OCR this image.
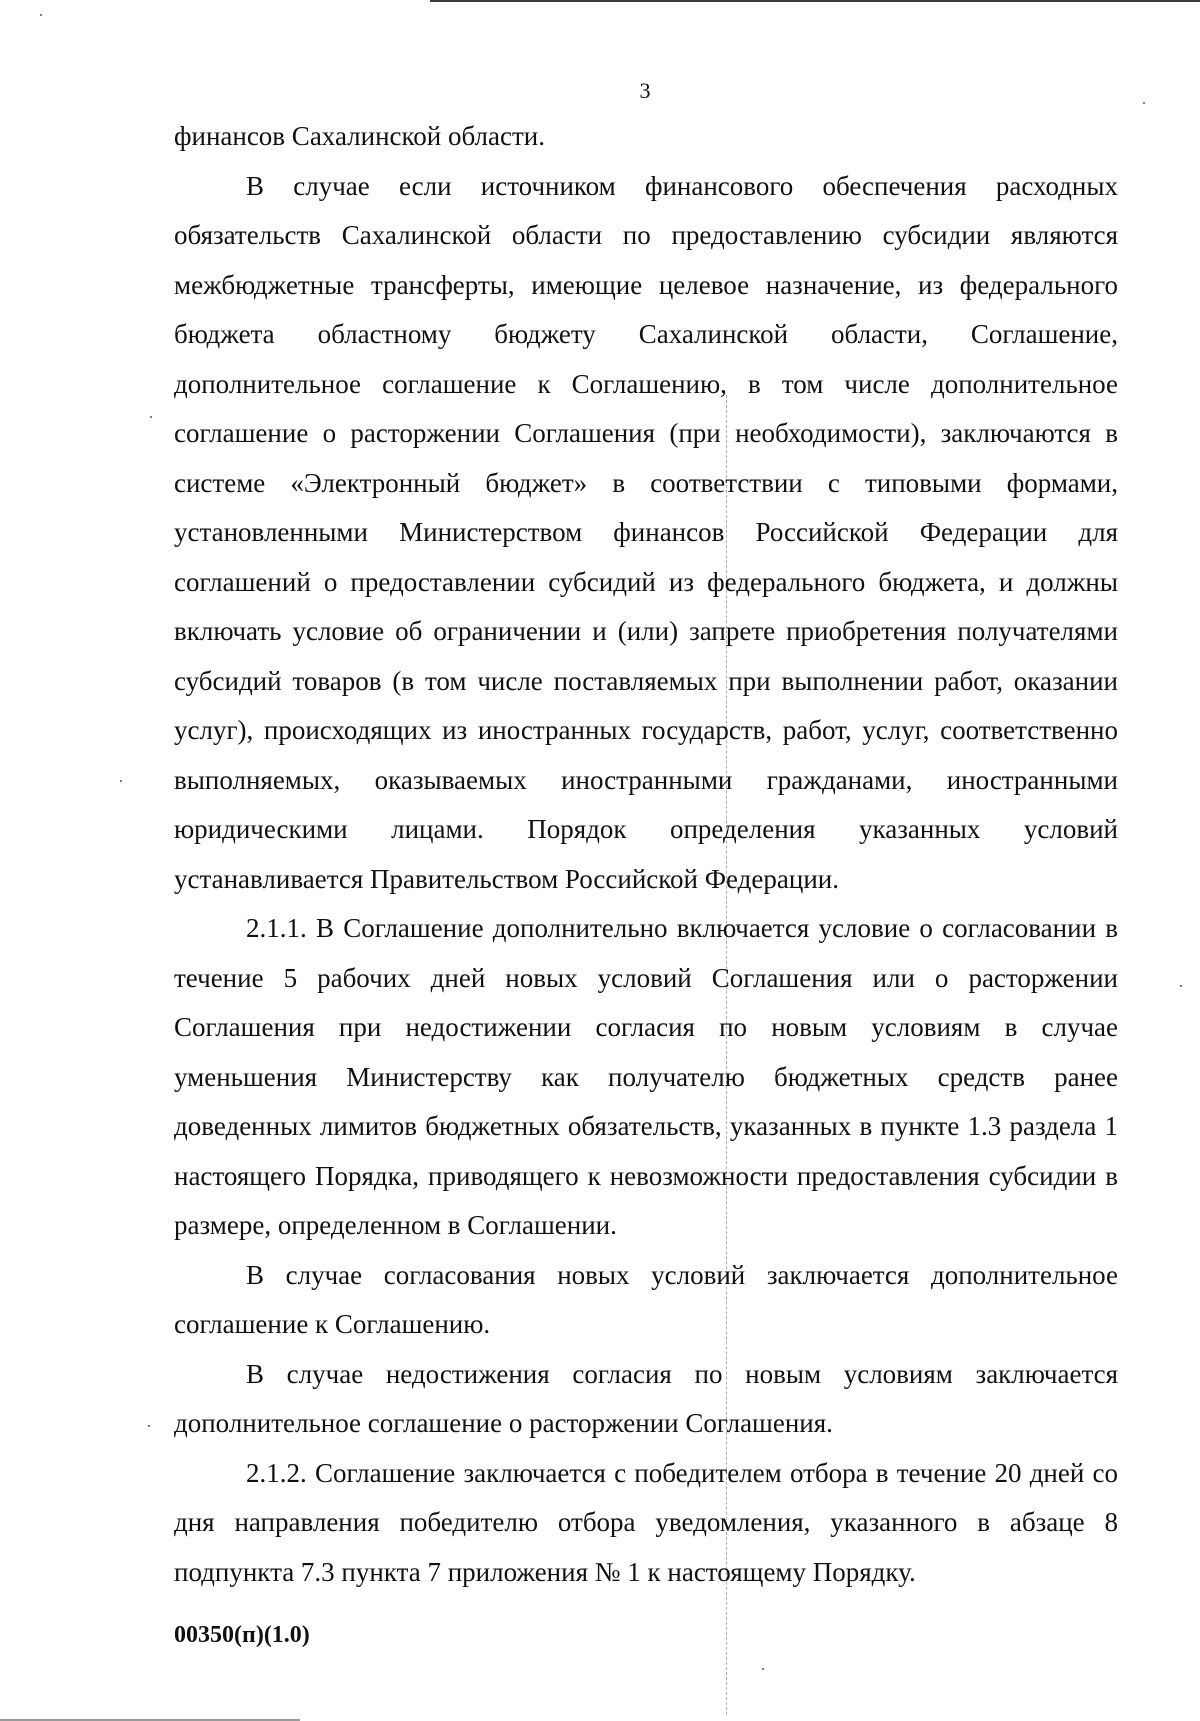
3

финансов Сахалинской области.

В случае если источником финансового обеспечения расходных обязательств Сахалинской области по предоставлению субсидии являются межбюджетные трансферты, имеющие целевое назначение, из федерального бюджета областному бюджету Сахалинской области, Соглашение, дополнительное соглашение к Соглашению, в том числе дополнительное соглашение о расторжении Соглашения (при необходимости), заключаются в системе «Электронный бюджет» в соответствии с типовыми формами, установленными Министерством финансов Российской Федерации для соглашений о предоставлении субсидий из федерального бюджета, и должны включать условие об ограничении и (или) запрете приобретения получателями субсидий товаров (в том числе поставляемых при выполнении работ, оказании услуг), происходящих из иностранных государств, работ, услуг, соответственно выполняемых, оказываемых иностранными гражданами, иностранными юридическими лицами. Порядок определения указанных условий устанавливается Правительством Российской Федерации.

2.1.1. В Соглашение дополнительно включается условие о согласовании в течение 5 рабочих дней новых условий Соглашения или о расторжении Соглашения при недостижении согласия по новым условиям в случае уменьшения Министерству как получателю бюджетных средств ранее доведенных лимитов бюджетных обязательств, указанных в пункте 1.3 раздела 1 настоящего Порядка, приводящего к невозможности предоставления субсидии в размере, определенном в Соглашении.

В случае согласования новых условий заключается дополнительное соглашение к Соглашению.

В случае недостижения согласия по новым условиям заключается дополнительное соглашение о расторжении Соглашения.

2.1.2. Соглашение заключается с победителем отбора в течение 20 дней со дня направления победителю отбора уведомления, указанного в абзаце 8 подпункта 7.3 пункта 7 приложения № 1 к настоящему Порядку.

00350(п)(1.0)
